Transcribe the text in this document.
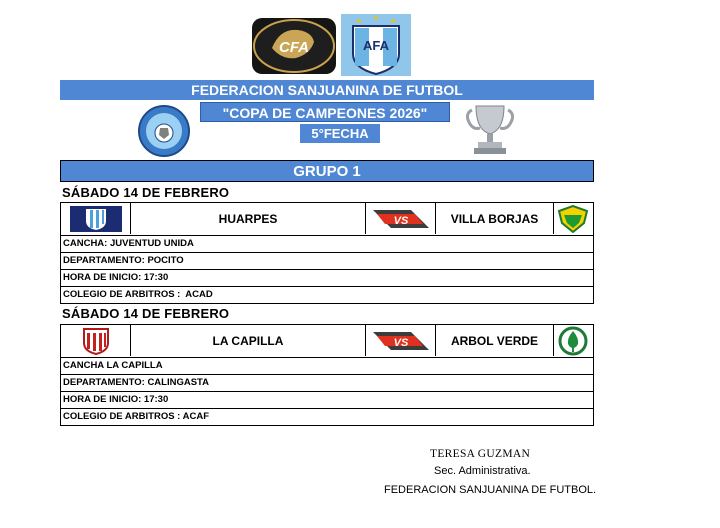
CFA	AFA
FEDERACION SANJUANINA DE FUTBOL
"COPA DE CAMPEONES 2026"
5°FECHA
GRUPO 1
SÁBADO 14 DE FEBRERO
HUARPES	VS	VILLA BORJAS
CANCHA: JUVENTUD UNIDA
DEPARTAMENTO: POCITO
HORA DE INICIO: 17:30
COLEGIO DE ARBITROS :  ACAD
SÁBADO 14 DE FEBRERO
LA CAPILLA	VS	ARBOL VERDE
CANCHA LA CAPILLA
DEPARTAMENTO: CALINGASTA
HORA DE INICIO: 17:30
COLEGIO DE ARBITROS : ACAF
TERESA GUZMAN
Sec. Administrativa.
FEDERACION SANJUANINA DE FUTBOL.
